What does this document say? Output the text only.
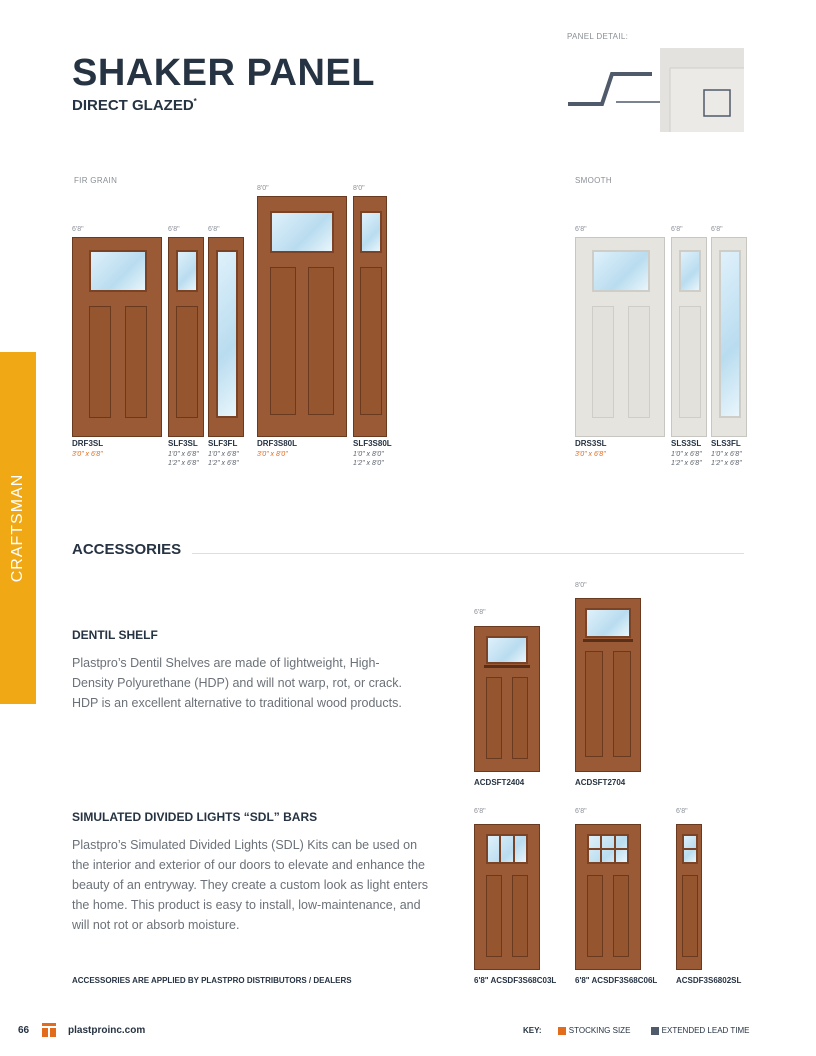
SHAKER PANEL
DIRECT GLAZED*
PANEL DETAIL:
CRAFTSMAN
FIR GRAIN
6'8"
DRF3SL
3'0" x 6'8"
6'8"
SLF3SL
1'0" x 6'8"
1'2" x 6'8"
6'8"
SLF3FL
1'0" x 6'8"
1'2" x 6'8"
8'0"
DRF3S80L
3'0" x 8'0"
8'0"
SLF3S80L
1'0" x 8'0"
1'2" x 8'0"
SMOOTH
6'8"
DRS3SL
3'0" x 6'8"
6'8"
SLS3SL
1'0" x 6'8"
1'2" x 6'8"
6'8"
SLS3FL
1'0" x 6'8"
1'2" x 6'8"
ACCESSORIES
DENTIL SHELF
Plastpro’s Dentil Shelves are made of lightweight, High-Density Polyurethane (HDP) and will not warp, rot, or crack. HDP is an excellent alternative to traditional wood products.
6'8"
ACDSFT2404
8'0"
ACDSFT2704
SIMULATED DIVIDED LIGHTS “SDL” BARS
Plastpro’s Simulated Divided Lights (SDL) Kits can be used on the interior and exterior of our doors to elevate and enhance the beauty of an entryway. They create a custom look as light enters the home. This product is easy to install, low-maintenance, and will not rot or absorb moisture.
ACCESSORIES ARE APPLIED BY PLASTPRO DISTRIBUTORS / DEALERS
6'8"
6'8" ACSDF3S68C03L
6'8"
6'8" ACSDF3S68C06L
6'8"
ACSDF3S6802SL
66	plastproinc.com	KEY:	STOCKING SIZE	EXTENDED LEAD TIME
